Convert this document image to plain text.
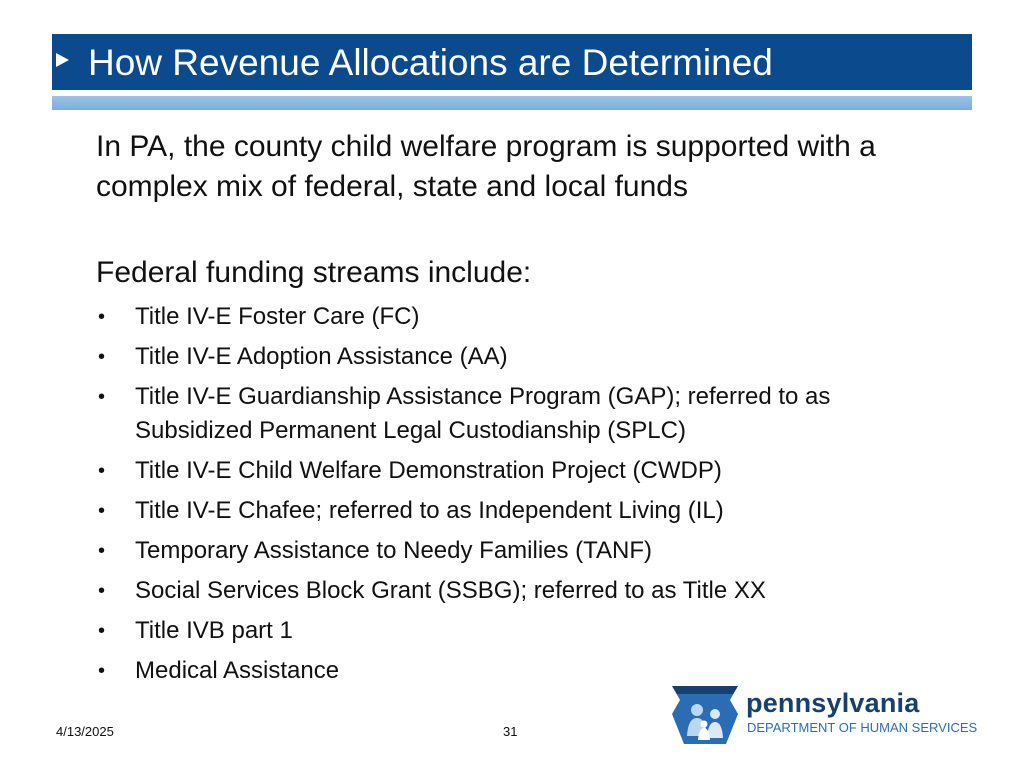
How Revenue Allocations are Determined
In PA, the county child welfare program is supported with a complex mix of federal, state and local funds
Federal funding streams include:
• Title IV-E Foster Care (FC)
• Title IV-E Adoption Assistance (AA)
• Title IV-E Guardianship Assistance Program (GAP); referred to as Subsidized Permanent Legal Custodianship (SPLC)
• Title IV-E Child Welfare Demonstration Project (CWDP)
• Title IV-E Chafee; referred to as Independent Living (IL)
• Temporary Assistance to Needy Families (TANF)
• Social Services Block Grant (SSBG); referred to as Title XX
• Title IVB part 1
• Medical Assistance
4/13/2025	31
pennsylvania
DEPARTMENT OF HUMAN SERVICES
